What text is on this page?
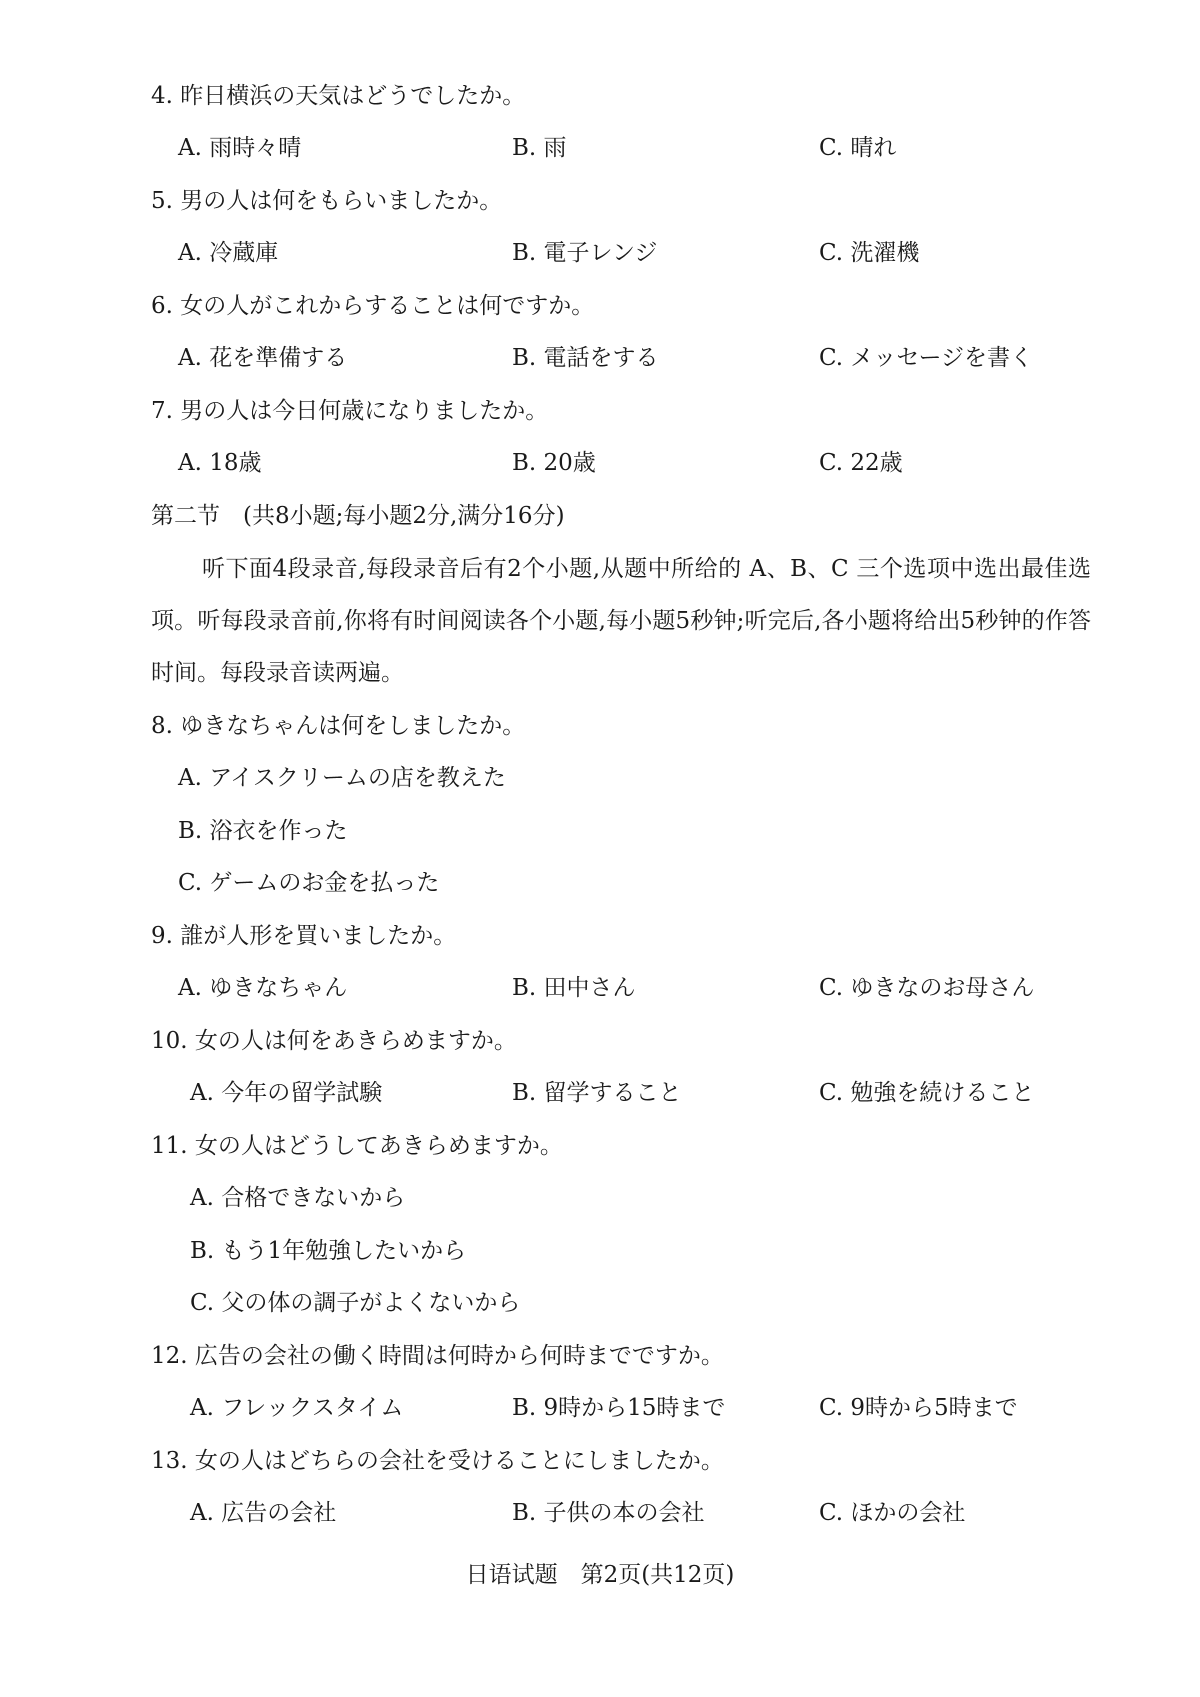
4. 昨日横浜の天気はどうでしたか。
A. 雨時々晴	B. 雨	C. 晴れ
5. 男の人は何をもらいましたか。
A. 冷蔵庫	B. 電子レンジ	C. 洗濯機
6. 女の人がこれからすることは何ですか。
A. 花を準備する	B. 電話をする	C. メッセージを書く
7. 男の人は今日何歳になりましたか。
A. 18歳	B. 20歳	C. 22歳
第二节　(共8小题;每小题2分,满分16分)
听下面4段录音,每段录音后有2个小题,从题中所给的 A、B、C 三个选项中选出最佳选项。听每段录音前,你将有时间阅读各个小题,每小题5秒钟;听完后,各小题将给出5秒钟的作答时间。每段录音读两遍。
8. ゆきなちゃんは何をしましたか。
A. アイスクリームの店を教えた
B. 浴衣を作った
C. ゲームのお金を払った
9. 誰が人形を買いましたか。
A. ゆきなちゃん	B. 田中さん	C. ゆきなのお母さん
10. 女の人は何をあきらめますか。
A. 今年の留学試験	B. 留学すること	C. 勉強を続けること
11. 女の人はどうしてあきらめますか。
A. 合格できないから
B. もう1年勉強したいから
C. 父の体の調子がよくないから
12. 広告の会社の働く時間は何時から何時までですか。
A. フレックスタイム	B. 9時から15時まで	C. 9時から5時まで
13. 女の人はどちらの会社を受けることにしましたか。
A. 広告の会社	B. 子供の本の会社	C. ほかの会社
日语试题　第2页(共12页)
